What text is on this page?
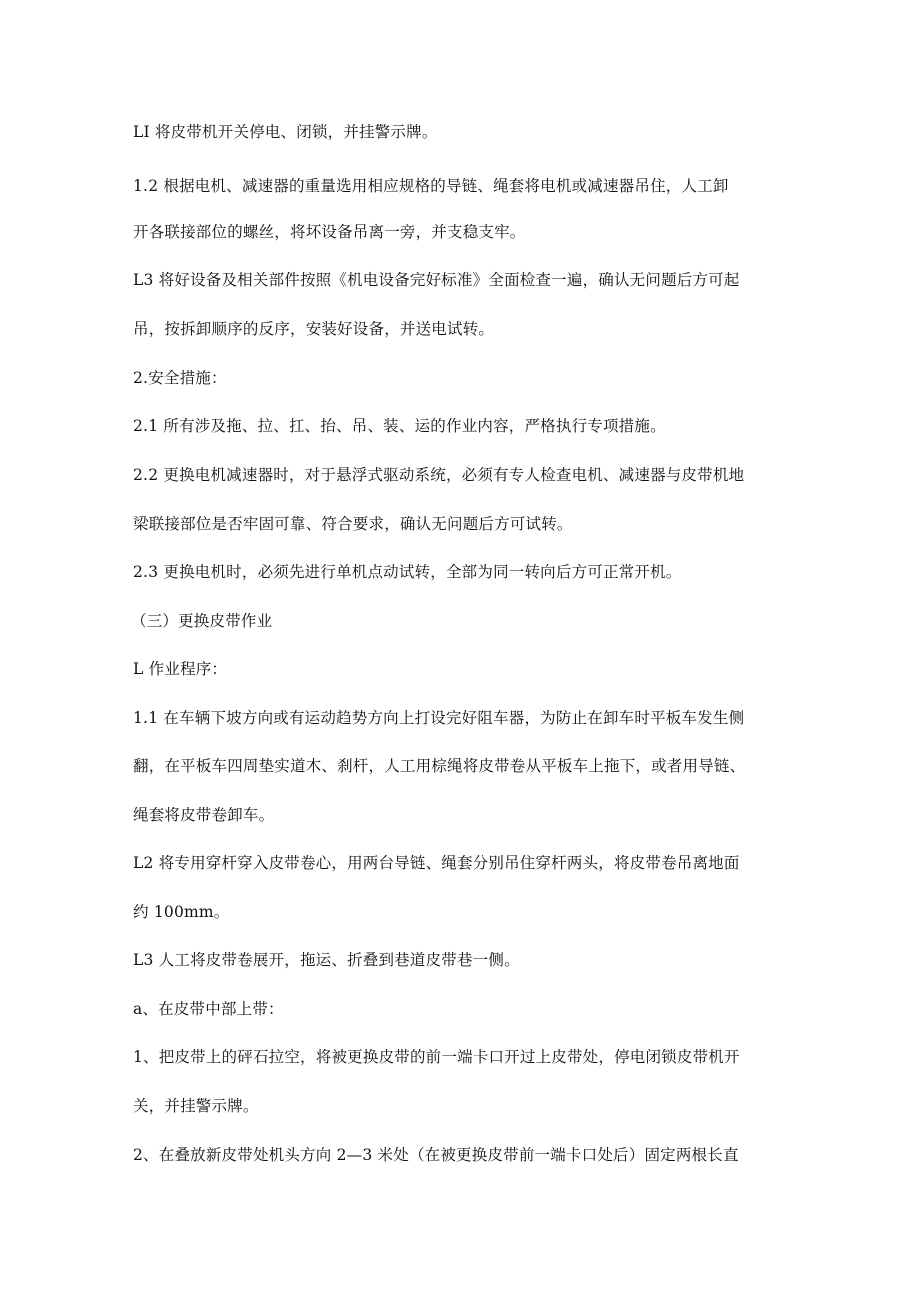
LI 将皮带机开关停电、闭锁，并挂警示牌。
1.2 根据电机、减速器的重量选用相应规格的导链、绳套将电机或减速器吊住，人工卸
开各联接部位的螺丝，将坏设备吊离一旁，并支稳支牢。
L3 将好设备及相关部件按照《机电设备完好标准》全面检查一遍，确认无问题后方可起
吊，按拆卸顺序的反序，安装好设备，并送电试转。
2.安全措施：
2.1 所有涉及拖、拉、扛、抬、吊、装、运的作业内容，严格执行专项措施。
2.2 更换电机减速器时，对于悬浮式驱动系统，必须有专人检查电机、减速器与皮带机地
梁联接部位是否牢固可靠、符合要求，确认无问题后方可试转。
2.3 更换电机时，必须先进行单机点动试转，全部为同一转向后方可正常开机。
（三）更换皮带作业
L 作业程序：
1.1 在车辆下坡方向或有运动趋势方向上打设完好阻车器，为防止在卸车时平板车发生侧
翻，在平板车四周垫实道木、刹杆，人工用棕绳将皮带卷从平板车上拖下，或者用导链、
绳套将皮带卷卸车。
L2 将专用穿杆穿入皮带卷心，用两台导链、绳套分别吊住穿杆两头，将皮带卷吊离地面
约 100mm。
L3 人工将皮带卷展开，拖运、折叠到巷道皮带巷一侧。
a、在皮带中部上带：
1、把皮带上的砰石拉空，将被更换皮带的前一端卡口开过上皮带处，停电闭锁皮带机开
关，并挂警示牌。
2、在叠放新皮带处机头方向 2—3 米处（在被更换皮带前一端卡口处后）固定两根长直
